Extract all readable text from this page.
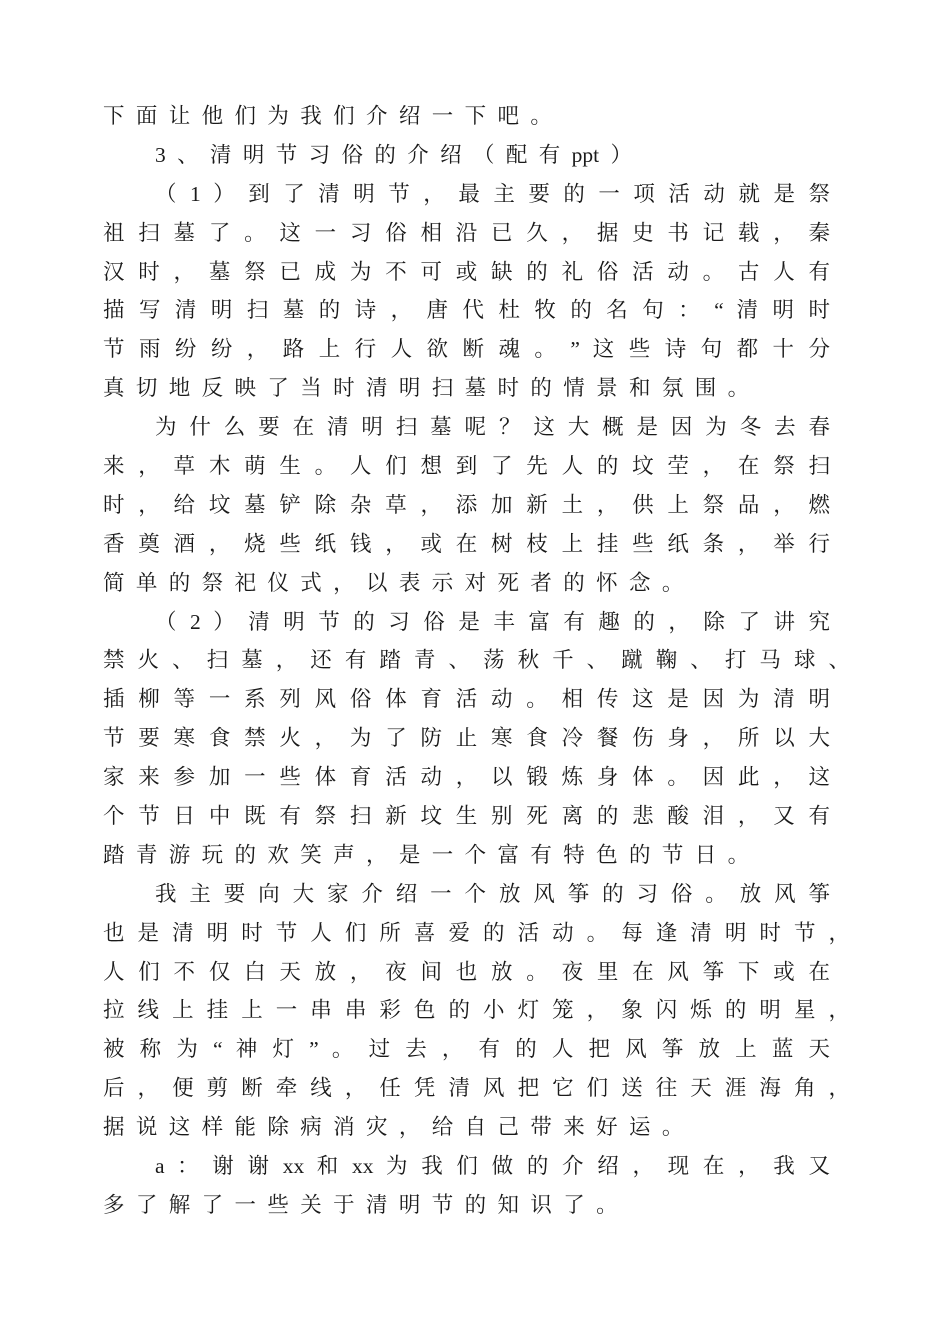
下 面 让 他 们 为 我 们 介 绍 一 下 吧 。
3 、 清 明 节 习 俗 的 介 绍 （ 配 有 ppt ）
（ 1 ） 到 了 清 明 节 ， 最 主 要 的 一 项 活 动 就 是 祭
祖 扫 墓 了 。 这 一 习 俗 相 沿 已 久 ， 据 史 书 记 载 ， 秦
汉 时 ， 墓 祭 已 成 为 不 可 或 缺 的 礼 俗 活 动 。 古 人 有
描 写 清 明 扫 墓 的 诗 ， 唐 代 杜 牧 的 名 句 ： “ 清 明 时
节 雨 纷 纷 ， 路 上 行 人 欲 断 魂 。 ” 这 些 诗 句 都 十 分
真 切 地 反 映 了 当 时 清 明 扫 墓 时 的 情 景 和 氛 围 。
为 什 么 要 在 清 明 扫 墓 呢 ？ 这 大 概 是 因 为 冬 去 春
来 ， 草 木 萌 生 。 人 们 想 到 了 先 人 的 坟 茔 ， 在 祭 扫
时 ， 给 坟 墓 铲 除 杂 草 ， 添 加 新 土 ， 供 上 祭 品 ， 燃
香 奠 酒 ， 烧 些 纸 钱 ， 或 在 树 枝 上 挂 些 纸 条 ， 举 行
简 单 的 祭 祀 仪 式 ， 以 表 示 对 死 者 的 怀 念 。
（ 2 ） 清 明 节 的 习 俗 是 丰 富 有 趣 的 ， 除 了 讲 究
禁 火 、 扫 墓 ， 还 有 踏 青 、 荡 秋 千 、 蹴 鞠 、 打 马 球 、
插 柳 等 一 系 列 风 俗 体 育 活 动 。 相 传 这 是 因 为 清 明
节 要 寒 食 禁 火 ， 为 了 防 止 寒 食 冷 餐 伤 身 ， 所 以 大
家 来 参 加 一 些 体 育 活 动 ， 以 锻 炼 身 体 。 因 此 ， 这
个 节 日 中 既 有 祭 扫 新 坟 生 别 死 离 的 悲 酸 泪 ， 又 有
踏 青 游 玩 的 欢 笑 声 ， 是 一 个 富 有 特 色 的 节 日 。
我 主 要 向 大 家 介 绍 一 个 放 风 筝 的 习 俗 。 放 风 筝
也 是 清 明 时 节 人 们 所 喜 爱 的 活 动 。 每 逢 清 明 时 节 ，
人 们 不 仅 白 天 放 ， 夜 间 也 放 。 夜 里 在 风 筝 下 或 在
拉 线 上 挂 上 一 串 串 彩 色 的 小 灯 笼 ， 象 闪 烁 的 明 星 ，
被 称 为 “ 神 灯 ” 。 过 去 ， 有 的 人 把 风 筝 放 上 蓝 天
后 ， 便 剪 断 牵 线 ， 任 凭 清 风 把 它 们 送 往 天 涯 海 角 ，
据 说 这 样 能 除 病 消 灾 ， 给 自 己 带 来 好 运 。
a ： 谢 谢 xx 和 xx 为 我 们 做 的 介 绍 ， 现 在 ， 我 又
多 了 解 了 一 些 关 于 清 明 节 的 知 识 了 。
